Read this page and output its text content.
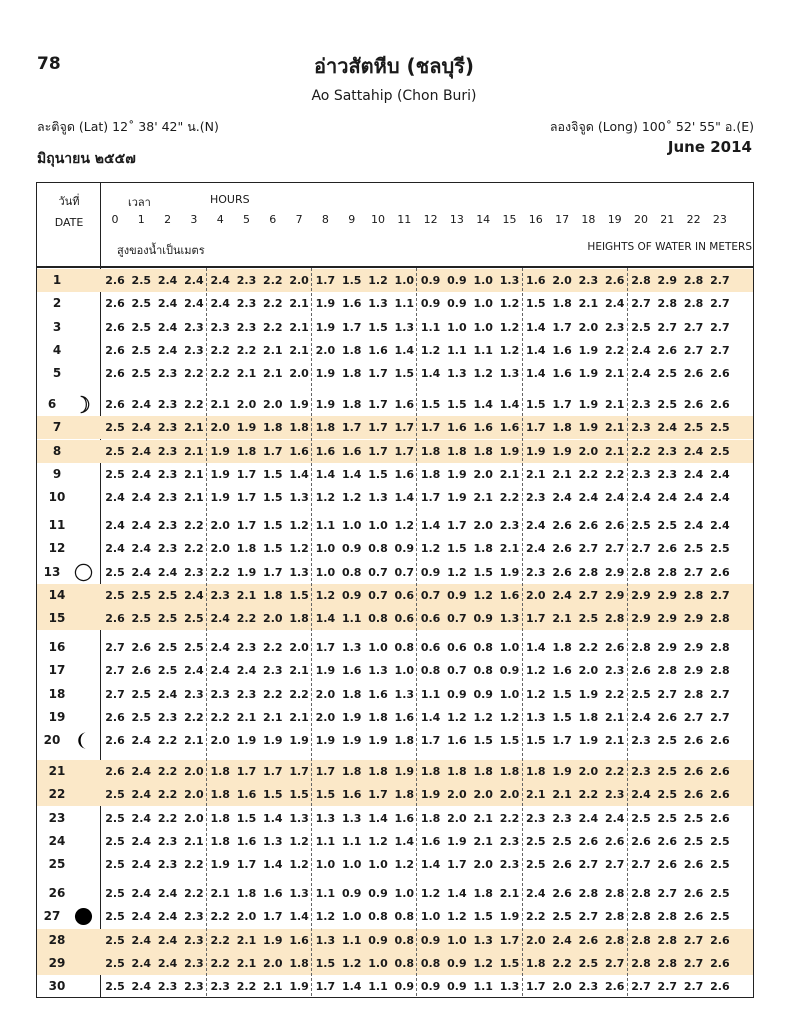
78	อ่าวสัตหีบ (ชลบุรี)
Ao Sattahip (Chon Buri)
ละติจูด (Lat) 12˚ 38' 42" น.(N)	ลองจิจูด (Long) 100˚ 52' 55" อ.(E)
มิถุนายน ๒๕๕๗
June 2014
วันที่
DATE
เวลา	HOURS
สูงของน้ำเป็นเมตร	HEIGHTS OF WATER IN METERS
0	1	2	3	4	5	6	7	8	9	10	11	12	13	14	15	16	17	18	19	20	21	22	23
1	2.6 2.5 2.4 2.4 2.4 2.3 2.2 2.0 1.7 1.5 1.2 1.0 0.9 0.9 1.0 1.3 1.6 2.0 2.3 2.6 2.8 2.9 2.8 2.7
2	2.6 2.5 2.4 2.4 2.4 2.3 2.2 2.1 1.9 1.6 1.3 1.1 0.9 0.9 1.0 1.2 1.5 1.8 2.1 2.4 2.7 2.8 2.8 2.7
3	2.6 2.5 2.4 2.3 2.3 2.3 2.2 2.1 1.9 1.7 1.5 1.3 1.1 1.0 1.0 1.2 1.4 1.7 2.0 2.3 2.5 2.7 2.7 2.7
4	2.6 2.5 2.4 2.3 2.2 2.2 2.1 2.1 2.0 1.8 1.6 1.4 1.2 1.1 1.1 1.2 1.4 1.6 1.9 2.2 2.4 2.6 2.7 2.7
5	2.6 2.5 2.3 2.2 2.2 2.1 2.1 2.0 1.9 1.8 1.7 1.5 1.4 1.3 1.2 1.3 1.4 1.6 1.9 2.1 2.4 2.5 2.6 2.6
6	2.6 2.4 2.3 2.2 2.1 2.0 2.0 1.9 1.9 1.8 1.7 1.6 1.5 1.5 1.4 1.4 1.5 1.7 1.9 2.1 2.3 2.5 2.6 2.6
7	2.5 2.4 2.3 2.1 2.0 1.9 1.8 1.8 1.8 1.7 1.7 1.7 1.7 1.6 1.6 1.6 1.7 1.8 1.9 2.1 2.3 2.4 2.5 2.5
8	2.5 2.4 2.3 2.1 1.9 1.8 1.7 1.6 1.6 1.6 1.7 1.7 1.8 1.8 1.8 1.9 1.9 1.9 2.0 2.1 2.2 2.3 2.4 2.5
9	2.5 2.4 2.3 2.1 1.9 1.7 1.5 1.4 1.4 1.4 1.5 1.6 1.8 1.9 2.0 2.1 2.1 2.1 2.2 2.2 2.3 2.3 2.4 2.4
10	2.4 2.4 2.3 2.1 1.9 1.7 1.5 1.3 1.2 1.2 1.3 1.4 1.7 1.9 2.1 2.2 2.3 2.4 2.4 2.4 2.4 2.4 2.4 2.4
11	2.4 2.4 2.3 2.2 2.0 1.7 1.5 1.2 1.1 1.0 1.0 1.2 1.4 1.7 2.0 2.3 2.4 2.6 2.6 2.6 2.5 2.5 2.4 2.4
12	2.4 2.4 2.3 2.2 2.0 1.8 1.5 1.2 1.0 0.9 0.8 0.9 1.2 1.5 1.8 2.1 2.4 2.6 2.7 2.7 2.7 2.6 2.5 2.5
13	2.5 2.4 2.4 2.3 2.2 1.9 1.7 1.3 1.0 0.8 0.7 0.7 0.9 1.2 1.5 1.9 2.3 2.6 2.8 2.9 2.8 2.8 2.7 2.6
14	2.5 2.5 2.5 2.4 2.3 2.1 1.8 1.5 1.2 0.9 0.7 0.6 0.7 0.9 1.2 1.6 2.0 2.4 2.7 2.9 2.9 2.9 2.8 2.7
15	2.6 2.5 2.5 2.5 2.4 2.2 2.0 1.8 1.4 1.1 0.8 0.6 0.6 0.7 0.9 1.3 1.7 2.1 2.5 2.8 2.9 2.9 2.9 2.8
16	2.7 2.6 2.5 2.5 2.4 2.3 2.2 2.0 1.7 1.3 1.0 0.8 0.6 0.6 0.8 1.0 1.4 1.8 2.2 2.6 2.8 2.9 2.9 2.8
17	2.7 2.6 2.5 2.4 2.4 2.4 2.3 2.1 1.9 1.6 1.3 1.0 0.8 0.7 0.8 0.9 1.2 1.6 2.0 2.3 2.6 2.8 2.9 2.8
18	2.7 2.5 2.4 2.3 2.3 2.3 2.2 2.2 2.0 1.8 1.6 1.3 1.1 0.9 0.9 1.0 1.2 1.5 1.9 2.2 2.5 2.7 2.8 2.7
19	2.6 2.5 2.3 2.2 2.2 2.1 2.1 2.1 2.0 1.9 1.8 1.6 1.4 1.2 1.2 1.2 1.3 1.5 1.8 2.1 2.4 2.6 2.7 2.7
20	2.6 2.4 2.2 2.1 2.0 1.9 1.9 1.9 1.9 1.9 1.9 1.8 1.7 1.6 1.5 1.5 1.5 1.7 1.9 2.1 2.3 2.5 2.6 2.6
21	2.6 2.4 2.2 2.0 1.8 1.7 1.7 1.7 1.7 1.8 1.8 1.9 1.8 1.8 1.8 1.8 1.8 1.9 2.0 2.2 2.3 2.5 2.6 2.6
22	2.5 2.4 2.2 2.0 1.8 1.6 1.5 1.5 1.5 1.6 1.7 1.8 1.9 2.0 2.0 2.0 2.1 2.1 2.2 2.3 2.4 2.5 2.6 2.6
23	2.5 2.4 2.2 2.0 1.8 1.5 1.4 1.3 1.3 1.3 1.4 1.6 1.8 2.0 2.1 2.2 2.3 2.3 2.4 2.4 2.5 2.5 2.5 2.6
24	2.5 2.4 2.3 2.1 1.8 1.6 1.3 1.2 1.1 1.1 1.2 1.4 1.6 1.9 2.1 2.3 2.5 2.5 2.6 2.6 2.6 2.6 2.5 2.5
25	2.5 2.4 2.3 2.2 1.9 1.7 1.4 1.2 1.0 1.0 1.0 1.2 1.4 1.7 2.0 2.3 2.5 2.6 2.7 2.7 2.7 2.6 2.6 2.5
26	2.5 2.4 2.4 2.2 2.1 1.8 1.6 1.3 1.1 0.9 0.9 1.0 1.2 1.4 1.8 2.1 2.4 2.6 2.8 2.8 2.8 2.7 2.6 2.5
27	2.5 2.4 2.4 2.3 2.2 2.0 1.7 1.4 1.2 1.0 0.8 0.8 1.0 1.2 1.5 1.9 2.2 2.5 2.7 2.8 2.8 2.8 2.6 2.5
28	2.5 2.4 2.4 2.3 2.2 2.1 1.9 1.6 1.3 1.1 0.9 0.8 0.9 1.0 1.3 1.7 2.0 2.4 2.6 2.8 2.8 2.8 2.7 2.6
29	2.5 2.4 2.4 2.3 2.2 2.1 2.0 1.8 1.5 1.2 1.0 0.8 0.8 0.9 1.2 1.5 1.8 2.2 2.5 2.7 2.8 2.8 2.7 2.6
30	2.5 2.4 2.3 2.3 2.3 2.2 2.1 1.9 1.7 1.4 1.1 0.9 0.9 0.9 1.1 1.3 1.7 2.0 2.3 2.6 2.7 2.7 2.7 2.6
